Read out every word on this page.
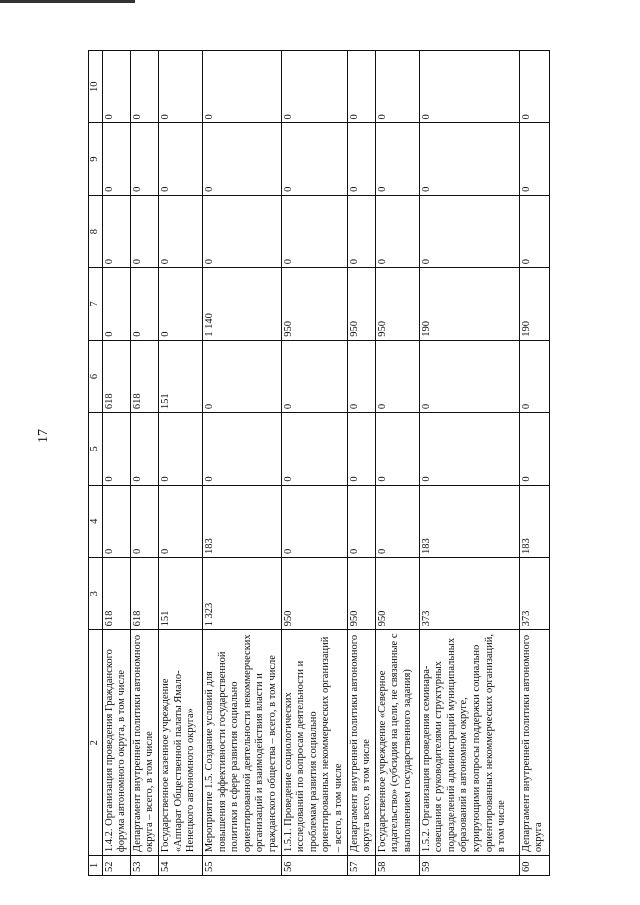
17
1	2	3	4	5	6	7	8	9	10
52	1.4.2. Организация проведения Гражданского форума автономного округа, в том числе	618	0	0	618	0	0	0	0
53	Департамент внутренней политики автономного округа – всего, в том числе	618	0	0	618	0	0	0	0
54	Государственное казенное учреждение «Аппарат Общественной палаты Ямало-Ненецкого автономного округа»	151	0	0	151	0	0	0	0
55	Мероприятие 1.5. Создание условий для повышения эффективности государственной политики в сфере развития социально ориентированной деятельности некоммерческих организаций и взаимодействия власти и гражданского общества – всего, в том числе	1 323	183	0	0	1 140	0	0	0
56	1.5.1. Проведение социологических исследований по вопросам деятельности и проблемам развития социально ориентированных некоммерческих организаций – всего, в том числе	950	0	0	0	950	0	0	0
57	Департамент внутренней политики автономного округа всего, в том числе	950	0	0	0	950	0	0	0
58	Государственное учреждение «Северное издательство» (субсидия на цели, не связанные с выполнением государственного задания)	950	0	0	0	950	0	0	0
59	1.5.2. Организация проведения семинара-совещания с руководителями структурных подразделений администраций муниципальных образований в автономном округе, курирующими вопросы поддержки социально ориентированных некоммерческих организаций, в том числе	373	183	0	0	190	0	0	0
60	Департамент внутренней политики автономного округа	373	183	0	0	190	0	0	0
